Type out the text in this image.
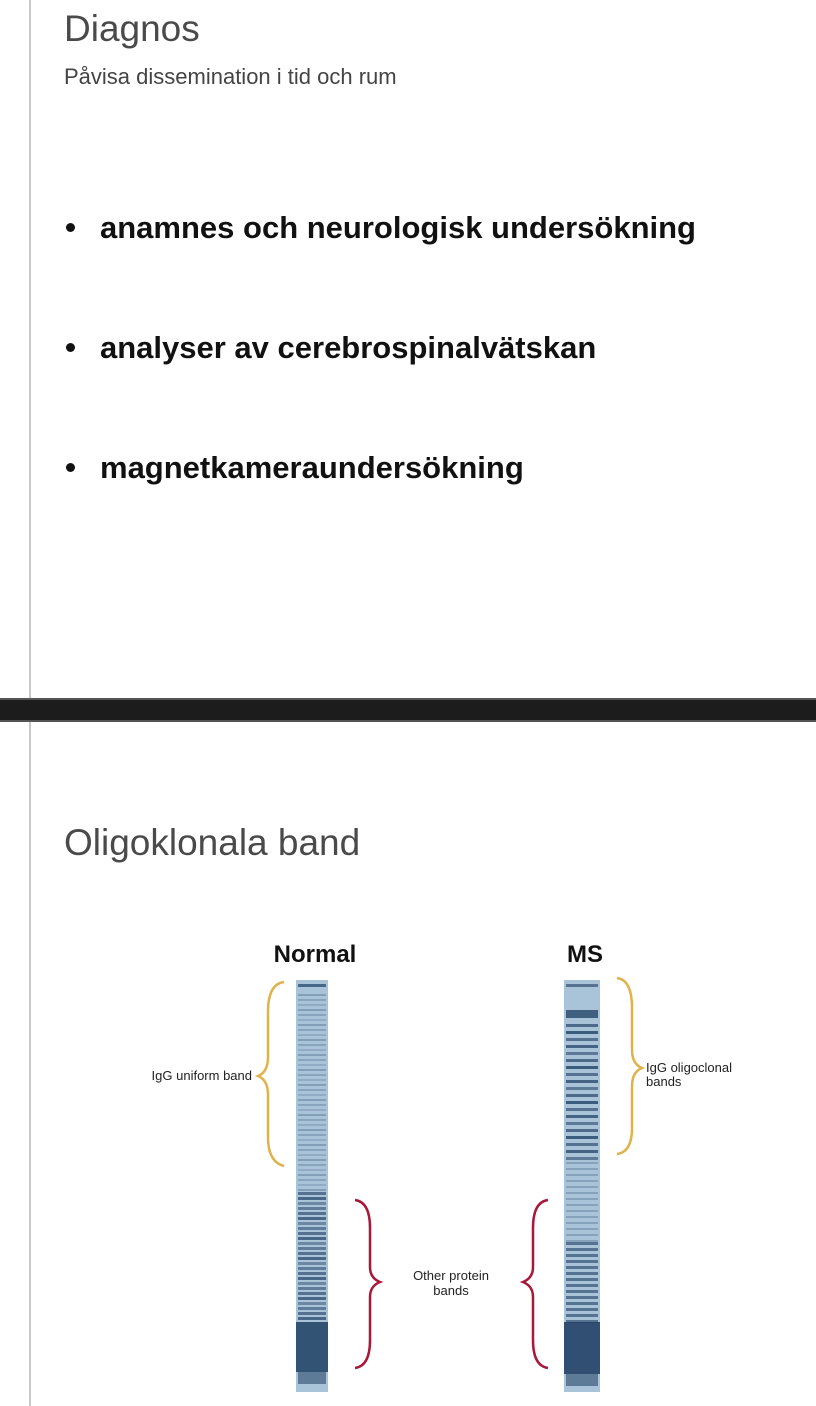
Diagnos
Påvisa dissemination i tid och rum
anamnes och neurologisk undersökning
analyser av cerebrospinalvätskan
magnetkameraundersökning
Oligoklonala band
Normal	MS
IgG uniform band
IgG oligoclonal
bands
Other protein
bands
